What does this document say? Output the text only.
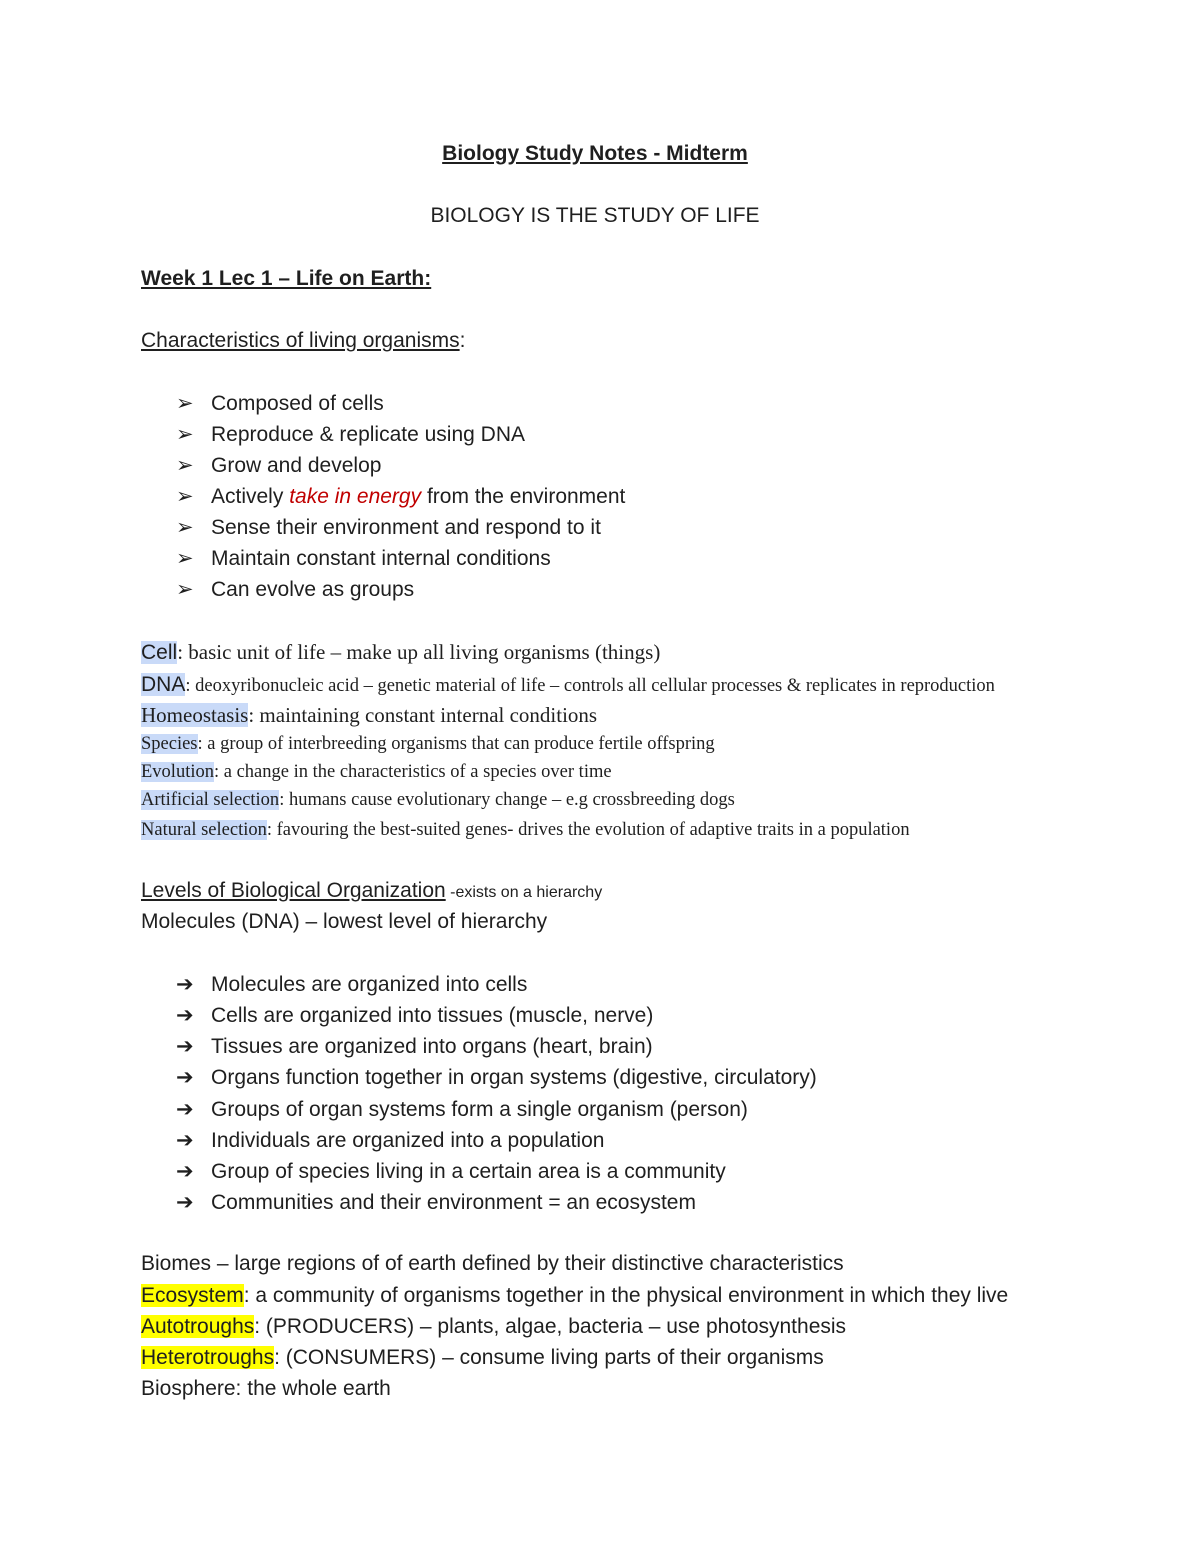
Biology Study Notes - Midterm
BIOLOGY IS THE STUDY OF LIFE
Week 1 Lec 1 – Life on Earth:
Characteristics of living organisms:
➢ Composed of cells
➢ Reproduce & replicate using DNA
➢ Grow and develop
➢ Actively take in energy from the environment
➢ Sense their environment and respond to it
➢ Maintain constant internal conditions
➢ Can evolve as groups
Cell: basic unit of life – make up all living organisms (things)
DNA: deoxyribonucleic acid – genetic material of life – controls all cellular processes & replicates in reproduction
Homeostasis: maintaining constant internal conditions
Species: a group of interbreeding organisms that can produce fertile offspring
Evolution: a change in the characteristics of a species over time
Artificial selection: humans cause evolutionary change – e.g crossbreeding dogs
Natural selection: favouring the best-suited genes- drives the evolution of adaptive traits in a population
Levels of Biological Organization -exists on a hierarchy
Molecules (DNA) – lowest level of hierarchy
➔ Molecules are organized into cells
➔ Cells are organized into tissues (muscle, nerve)
➔ Tissues are organized into organs (heart, brain)
➔ Organs function together in organ systems (digestive, circulatory)
➔ Groups of organ systems form a single organism (person)
➔ Individuals are organized into a population
➔ Group of species living in a certain area is a community
➔ Communities and their environment = an ecosystem
Biomes – large regions of of earth defined by their distinctive characteristics
Ecosystem: a community of organisms together in the physical environment in which they live
Autotroughs: (PRODUCERS) – plants, algae, bacteria – use photosynthesis
Heterotroughs: (CONSUMERS) – consume living parts of their organisms
Biosphere: the whole earth
